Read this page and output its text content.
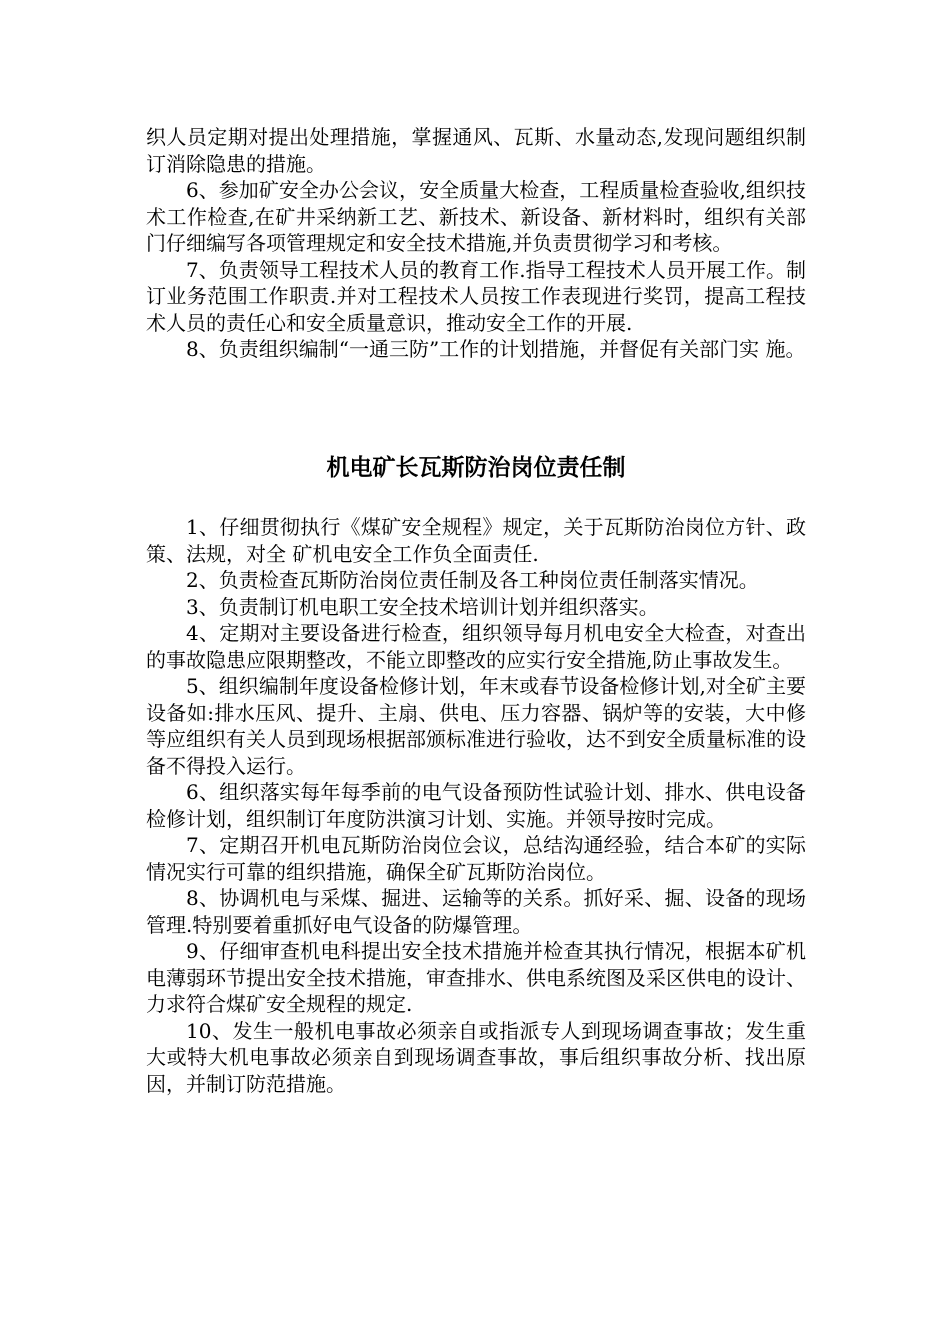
织人员定期对提出处理措施，掌握通风、瓦斯、水量动态,发现问题组织制订消除隐患的措施。

6、参加矿安全办公会议，安全质量大检查，工程质量检查验收,组织技术工作检查,在矿井采纳新工艺、新技术、新设备、新材料时，组织有关部门仔细编写各项管理规定和安全技术措施,并负责贯彻学习和考核。

7、负责领导工程技术人员的教育工作.指导工程技术人员开展工作。制订业务范围工作职责.并对工程技术人员按工作表现进行奖罚，提高工程技术人员的责任心和安全质量意识，推动安全工作的开展.

8、负责组织编制“一通三防”工作的计划措施，并督促有关部门实 施。

机电矿长瓦斯防治岗位责任制

1、仔细贯彻执行《煤矿安全规程》规定，关于瓦斯防治岗位方针、政策、法规，对全 矿机电安全工作负全面责任.

2、负责检查瓦斯防治岗位责任制及各工种岗位责任制落实情况。

3、负责制订机电职工安全技术培训计划并组织落实。

4、定期对主要设备进行检查，组织领导每月机电安全大检查，对查出的事故隐患应限期整改，不能立即整改的应实行安全措施,防止事故发生。

5、组织编制年度设备检修计划，年末或春节设备检修计划,对全矿主要设备如:排水压风、提升、主扇、供电、压力容器、锅炉等的安装，大中修等应组织有关人员到现场根据部颁标准进行验收，达不到安全质量标准的设备不得投入运行。

6、组织落实每年每季前的电气设备预防性试验计划、排水、供电设备检修计划，组织制订年度防洪演习计划、实施。并领导按时完成。

7、定期召开机电瓦斯防治岗位会议，总结沟通经验，结合本矿的实际情况实行可靠的组织措施，确保全矿瓦斯防治岗位。

8、协调机电与采煤、掘进、运输等的关系。抓好采、掘、设备的现场管理.特别要着重抓好电气设备的防爆管理。

9、仔细审查机电科提出安全技术措施并检查其执行情况，根据本矿机电薄弱环节提出安全技术措施，审查排水、供电系统图及采区供电的设计、力求符合煤矿安全规程的规定.

10、发生一般机电事故必须亲自或指派专人到现场调查事故；发生重大或特大机电事故必须亲自到现场调查事故，事后组织事故分析、找出原因，并制订防范措施。
